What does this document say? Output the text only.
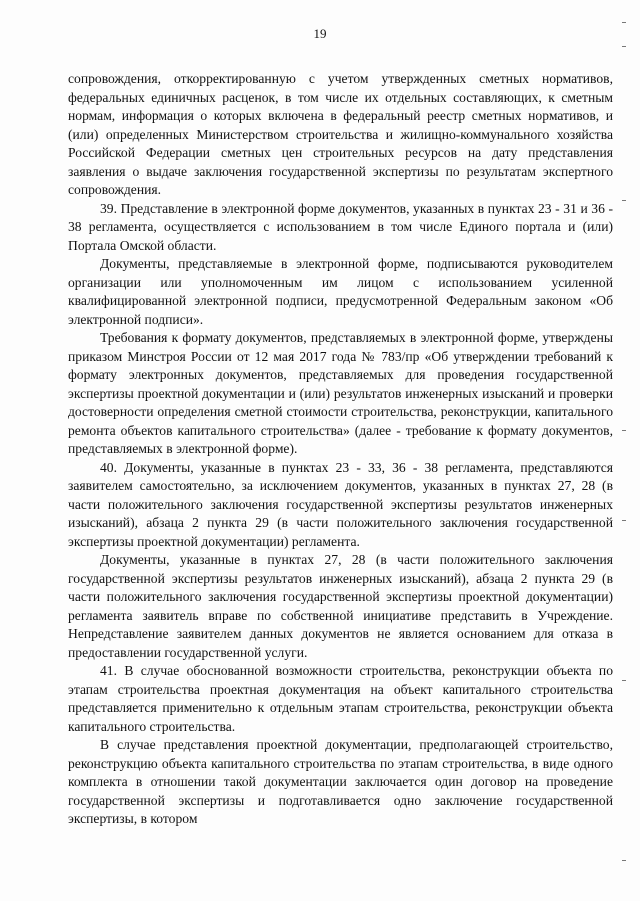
19

сопровождения, откорректированную с учетом утвержденных сметных нормативов, федеральных единичных расценок, в том числе их отдельных составляющих, к сметным нормам, информация о которых включена в федеральный реестр сметных нормативов, и (или) определенных Министерством строительства и жилищно-коммунального хозяйства Российской Федерации сметных цен строительных ресурсов на дату представления заявления о выдаче заключения государственной экспертизы по результатам экспертного сопровождения.

39. Представление в электронной форме документов, указанных в пунктах 23 - 31 и 36 - 38 регламента, осуществляется с использованием в том числе Единого портала и (или) Портала Омской области.

Документы, представляемые в электронной форме, подписываются руководителем организации или уполномоченным им лицом с использованием усиленной квалифицированной электронной подписи, предусмотренной Федеральным законом «Об электронной подписи».

Требования к формату документов, представляемых в электронной форме, утверждены приказом Минстроя России от 12 мая 2017 года № 783/пр «Об утверждении требований к формату электронных документов, представляемых для проведения государственной экспертизы проектной документации и (или) результатов инженерных изысканий и проверки достоверности определения сметной стоимости строительства, реконструкции, капитального ремонта объектов капитального строительства» (далее - требование к формату документов, представляемых в электронной форме).

40. Документы, указанные в пунктах 23 - 33, 36 - 38 регламента, представляются заявителем самостоятельно, за исключением документов, указанных в пунктах 27, 28 (в части положительного заключения государственной экспертизы результатов инженерных изысканий), абзаца 2 пункта 29 (в части положительного заключения государственной экспертизы проектной документации) регламента.

Документы, указанные в пунктах 27, 28 (в части положительного заключения государственной экспертизы результатов инженерных изысканий), абзаца 2 пункта 29 (в части положительного заключения государственной экспертизы проектной документации) регламента заявитель вправе по собственной инициативе представить в Учреждение. Непредставление заявителем данных документов не является основанием для отказа в предоставлении государственной услуги.

41. В случае обоснованной возможности строительства, реконструкции объекта по этапам строительства проектная документация на объект капитального строительства представляется применительно к отдельным этапам строительства, реконструкции объекта капитального строительства.

В случае представления проектной документации, предполагающей строительство, реконструкцию объекта капитального строительства по этапам строительства, в виде одного комплекта в отношении такой документации заключается один договор на проведение государственной экспертизы и подготавливается одно заключение государственной экспертизы, в котором
